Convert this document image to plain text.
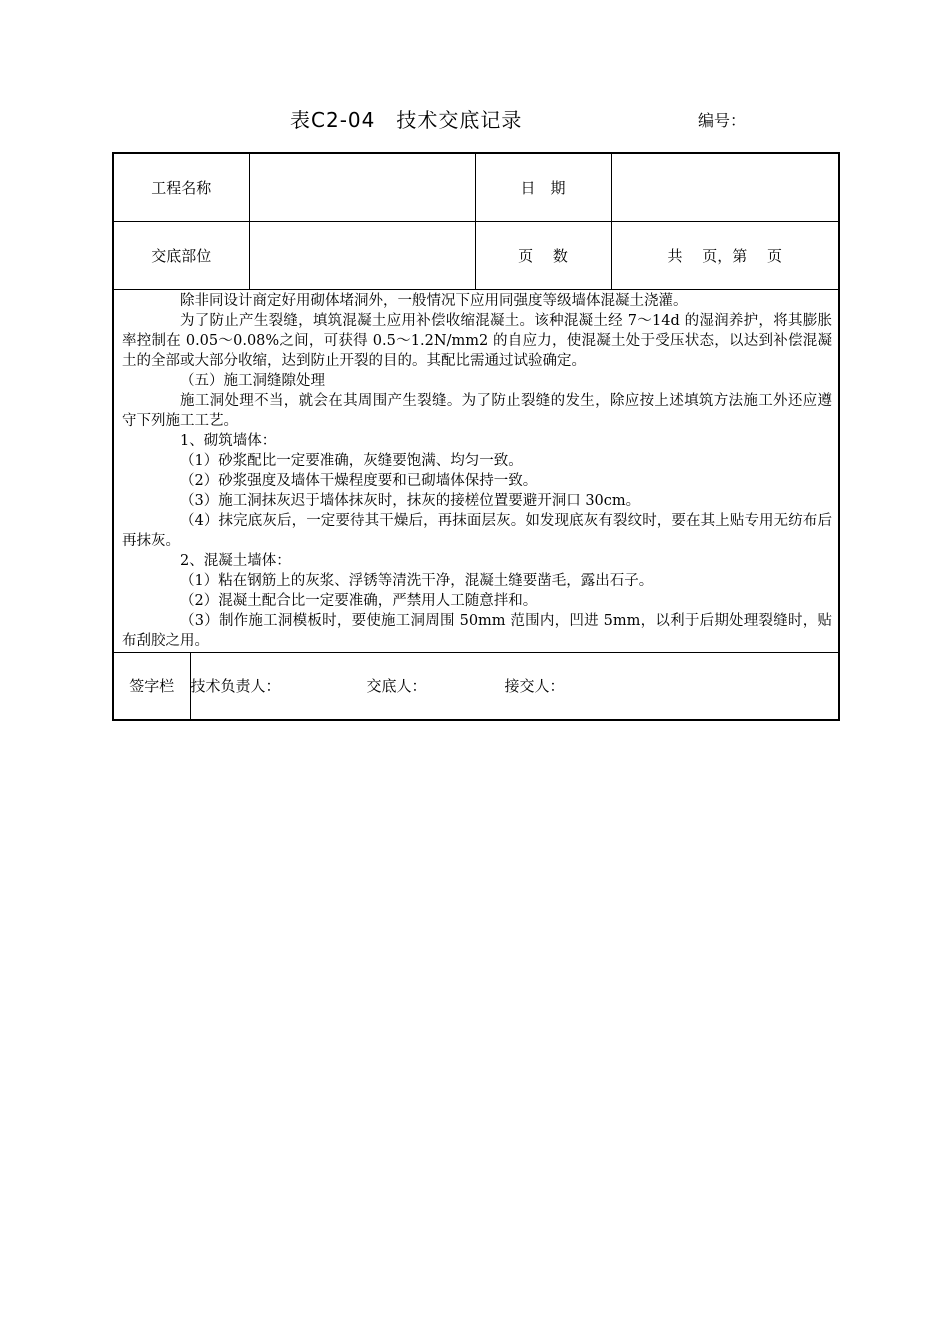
表C2-04　技术交底记录	编号：
工程名称		日　期	
交底部位		页　 数	共　 页，第　 页

除非同设计商定好用砌体堵洞外，一般情况下应用同强度等级墙体混凝土浇灌。

为了防止产生裂缝，填筑混凝土应用补偿收缩混凝土。该种混凝土经 7～14d 的湿润养护，将其膨胀率控制在 0.05～0.08%之间，可获得 0.5～1.2N/mm2 的自应力，使混凝土处于受压状态，以达到补偿混凝土的全部或大部分收缩，达到防止开裂的目的。其配比需通过试验确定。

（五）施工洞缝隙处理

施工洞处理不当，就会在其周围产生裂缝。为了防止裂缝的发生，除应按上述填筑方法施工外还应遵守下列施工工艺。

1、砌筑墙体：

（1）砂浆配比一定要准确，灰缝要饱满、均匀一致。

（2）砂浆强度及墙体干燥程度要和已砌墙体保持一致。

（3）施工洞抹灰迟于墙体抹灰时，抹灰的接槎位置要避开洞口 30cm。

（4）抹完底灰后，一定要待其干燥后，再抹面层灰。如发现底灰有裂纹时，要在其上贴专用无纺布后再抹灰。

2、混凝土墙体：

（1）粘在钢筋上的灰浆、浮锈等清洗干净，混凝土缝要凿毛，露出石子。

（2）混凝土配合比一定要准确，严禁用人工随意拌和。

（3）制作施工洞模板时，要使施工洞周围 50mm 范围内，凹进 5mm，以利于后期处理裂缝时，贴布刮胶之用。

签字栏	技术负责人：	交底人：	接交人：
